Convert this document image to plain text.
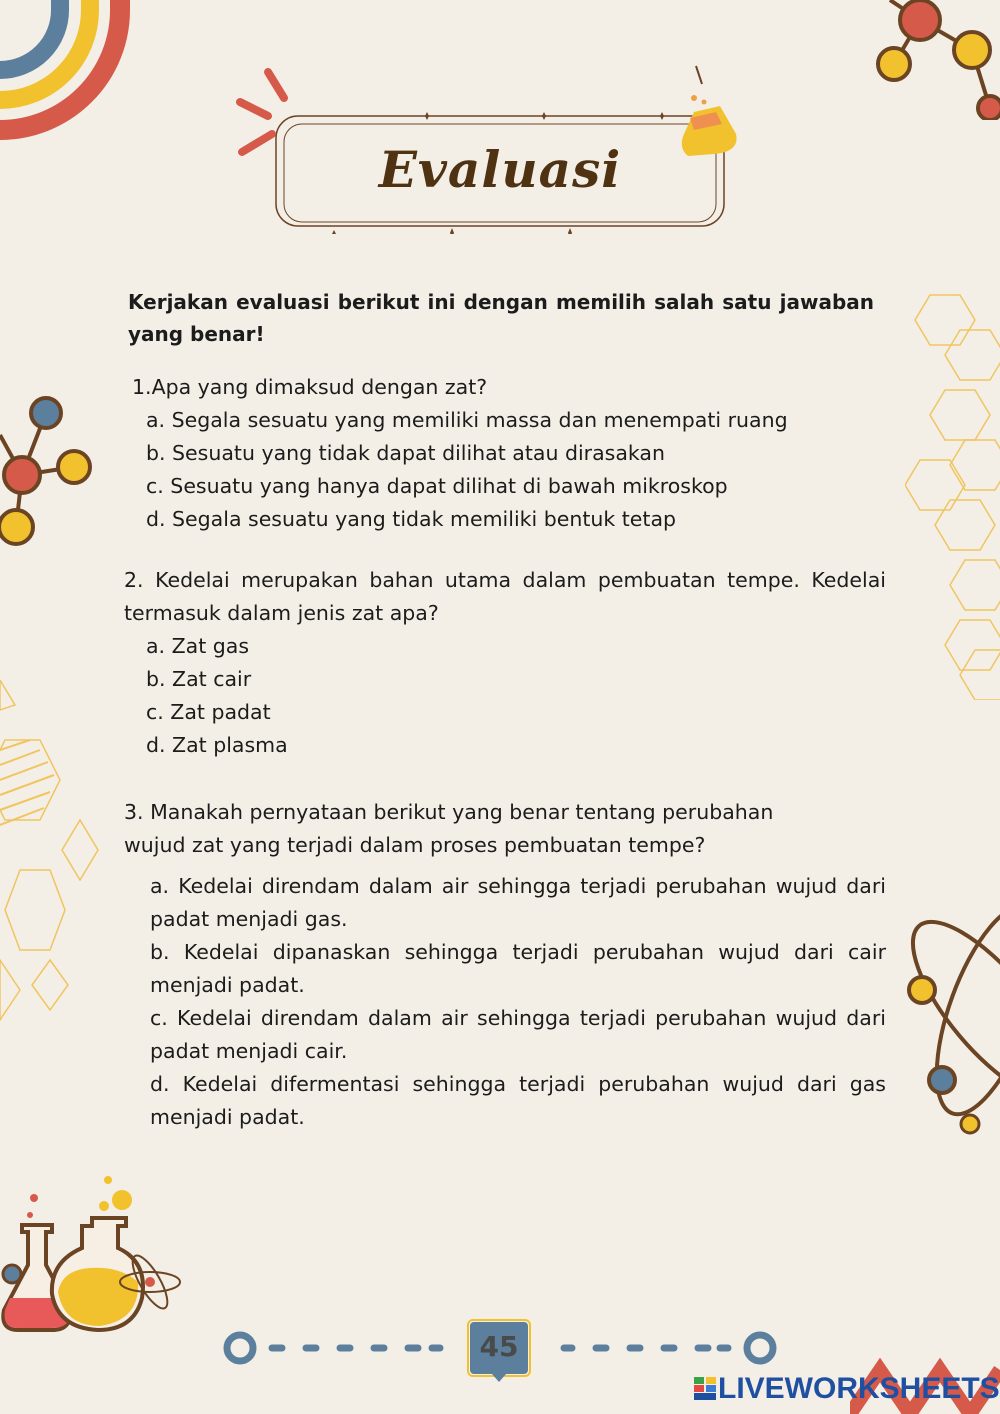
Evaluasi
Kerjakan evaluasi berikut ini dengan memilih salah satu jawaban yang benar!
1.Apa yang dimaksud dengan zat?
a. Segala sesuatu yang memiliki massa dan menempati ruang
b. Sesuatu yang tidak dapat dilihat atau dirasakan
c. Sesuatu yang hanya dapat dilihat di bawah mikroskop
d. Segala sesuatu yang tidak memiliki bentuk tetap
2. Kedelai merupakan bahan utama dalam pembuatan tempe. Kedelai termasuk dalam jenis zat apa?
a. Zat gas
b. Zat cair
c. Zat padat
d. Zat plasma
3. Manakah pernyataan berikut yang benar tentang perubahan wujud zat yang terjadi dalam proses pembuatan tempe?
a. Kedelai direndam dalam air sehingga terjadi perubahan wujud dari padat menjadi gas.
b. Kedelai dipanaskan sehingga terjadi perubahan wujud dari cair menjadi padat.
c. Kedelai direndam dalam air sehingga terjadi perubahan wujud dari padat menjadi cair.
d. Kedelai difermentasi sehingga terjadi perubahan wujud dari gas menjadi padat.
45
LIVEWORKSHEETS
